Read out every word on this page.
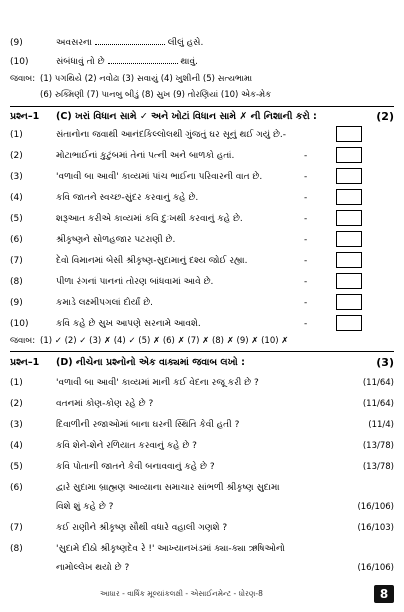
(9)	અવસરના	લીલું હસે.
(10)	સંબંધાવું તો છે	થાવું.
જવાબ: (1) પગથિયે (2) નવોઢા (3) સવાયું (4) ખુશીની (5) સત્યભામા
(6) રુક્મિણી (7) પાનબુ બીડું (8) સુખ (9) તોરણિયાં (10) એક-મેક
પ્રશ્ન–1 (C) ખરાં વિધાન સામે ✓ અને ખોટાં વિધાન સામે ✗ ની નિશાની કરો :	(2)
(1)	સંતાનોના જવાથી આનંદકિલ્લોલથી ગુંજતું ઘર સૂનું થઈ ગયું છે.-
(2)	મોટાભાઈનાં કુટુંબમાં તેનાં પત્ની અને બાળકો હતાં.	-
(3)	'વળાવી બા આવી' કાવ્યમાં પાંચ ભાઈના પરિવારની વાત છે.	-
(4)	કવિ જાતને સ્વચ્છ-સુંદર કરવાનું કહે છે.	-
(5)	શરૂઆત કરીએ કાવ્યમાં કવિ દુઃખથી કરવાનું કહે છે.	-
(6)	શ્રીકૃષ્ણને સોળહજાર પટરાણી છે.	-
(7)	દેવો વિમાનમાં બેસી શ્રીકૃષ્ણ-સુદામાનું દશ્ય જોઈ રહ્યા.	-
(8)	પીળા રંગનાં પાનનાં તોરણ બાંધવામાં આવે છે.	-
(9)	કમાડે લક્ષ્મીપગલાં દોર્યાં છે.	-
(10)	કવિ કહે છે સુખ આપણે સરનામે આવશે.	-
જવાબ: (1) ✓ (2) ✓ (3) ✗ (4) ✓ (5) ✗ (6) ✗ (7) ✗ (8) ✗ (9) ✗ (10) ✗
પ્રશ્ન–1 (D) નીચેના પ્રશ્નોનો એક વાક્યમાં જવાબ લખો :	(3)
(1)	'વળાવી બા આવી' કાવ્યમાં માની કઈ વેદના રજૂ કરી છે ?	(11/64)
(2)	વતનમાં કોણ-કોણ રહે છે ?	(11/64)
(3)	દિવાળીની રજાઓમાં બાના ઘરની સ્થિતિ કેવી હતી ?	(11/4)
(4)	કવિ શેને-શેને રળિયાત કરવાનું કહે છે ?	(13/78)
(5)	કવિ પોતાની જાતને કેવી બનાવવાનું કહે છે ?	(13/78)
(6)	દ્વારે સુદામા બ્રાહ્મણ આવ્યાના સમાચાર સાંભળી શ્રીકૃષ્ણ સુદામા
વિશે શું કહે છે ?	(16/106)
(7)	કઈ રાણીને શ્રીકૃષ્ણ સૌથી વધારે વહાલી ગણશે ?	(16/103)
(8)	'સુદામે દીઠો શ્રીકૃષ્ણદેવ રે !' આખ્યાનખંડમાં ક્યા-ક્યા ઋષિઓનો
નામોલ્લેખ થયો છે ?	(16/106)
આધાર - વાર્ષિક મૂલ્યાંકલક્ષી - એસાઈનમેન્ટ - ધોરણ-8	8
